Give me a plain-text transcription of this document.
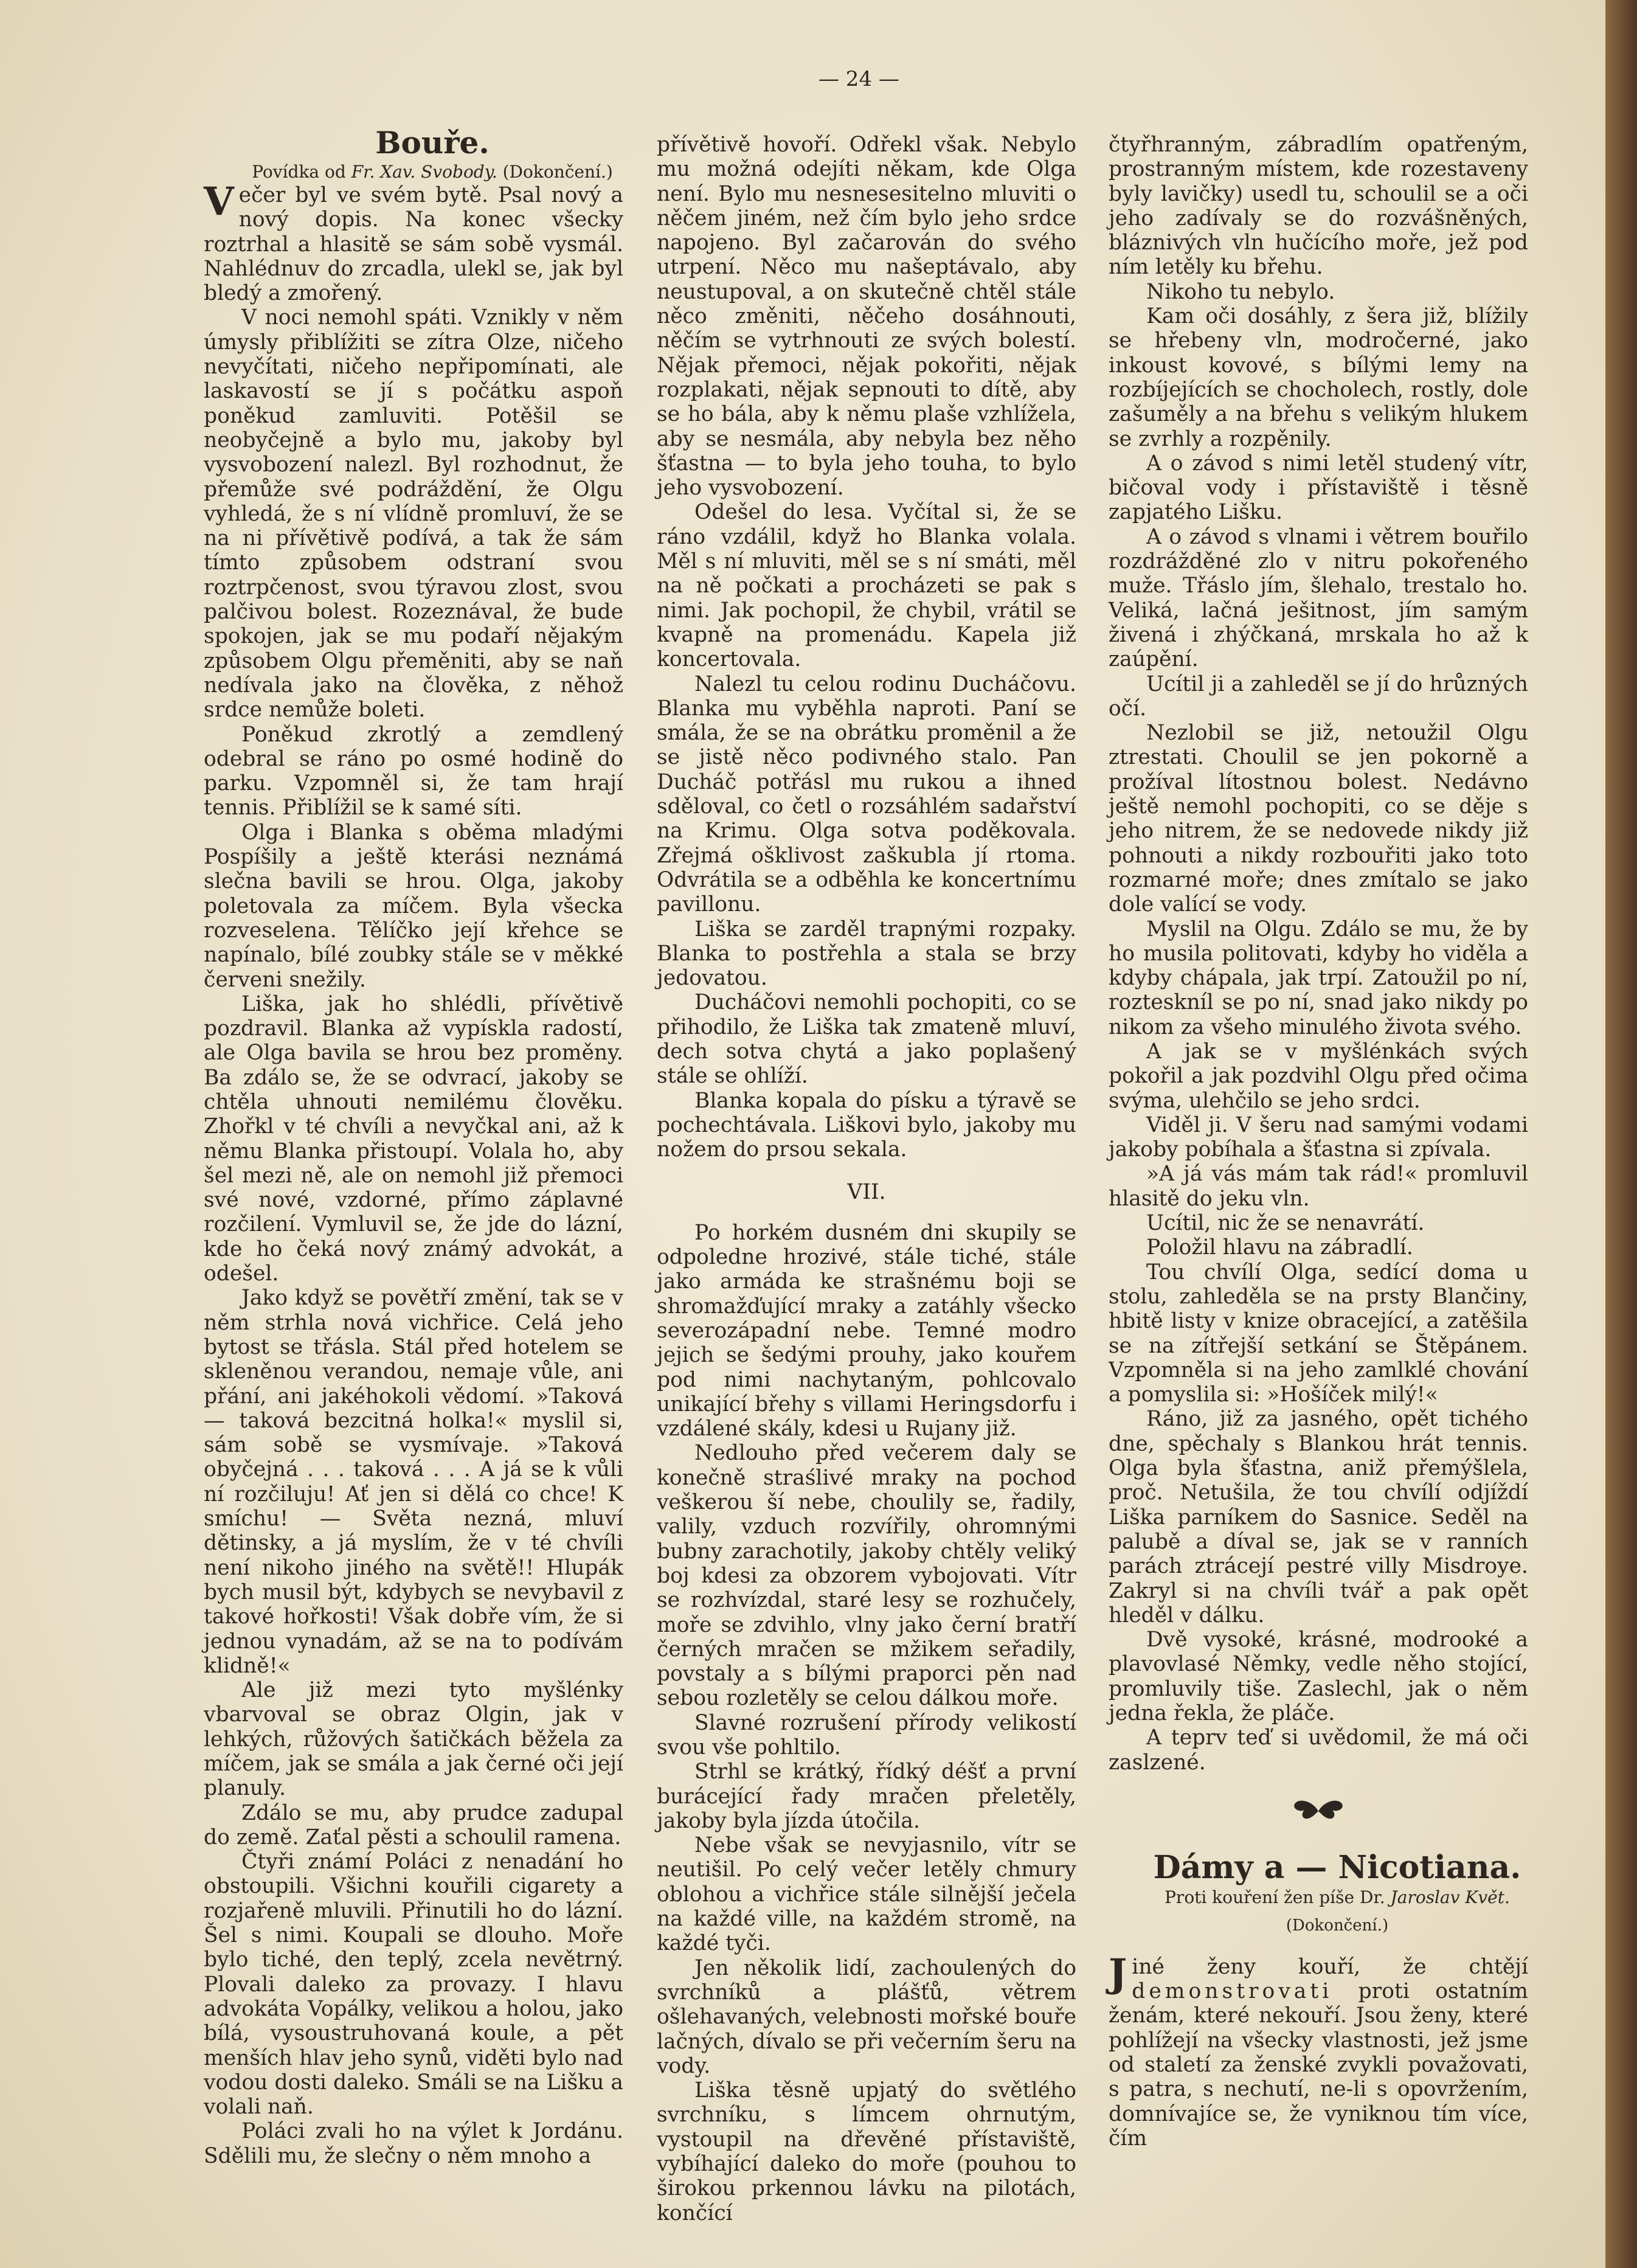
— 24 —

Bouře.

Povídka od Fr. Xav. Svobody. (Dokončení.)

Večer byl ve svém bytě. Psal nový a nový dopis. Na konec všecky roztrhal a hlasitě se sám sobě vysmál. Nahlédnuv do zrcadla, ulekl se, jak byl bledý a zmořený.

V noci nemohl spáti. Vznikly v něm úmysly přiblížiti se zítra Olze, ničeho nevyčítati, ničeho nepřipomínati, ale laskavostí se jí s počátku aspoň poněkud zamluviti. Potěšil se neobyčejně a bylo mu, jakoby byl vysvobození nalezl. Byl rozhodnut, že přemůže své podráždění, že Olgu vyhledá, že s ní vlídně promluví, že se na ni přívětivě podívá, a tak že sám tímto způsobem odstraní svou roztrpčenost, svou týravou zlost, svou palčivou bolest. Rozeznával, že bude spokojen, jak se mu podaří nějakým způsobem Olgu přeměniti, aby se naň nedívala jako na člověka, z něhož srdce nemůže boleti.

Poněkud zkrotlý a zemdlený odebral se ráno po osmé hodině do parku. Vzpomněl si, že tam hrají tennis. Přiblížil se k samé síti.

Olga i Blanka s oběma mladými Pospíšily a ještě kterási neznámá slečna bavili se hrou. Olga, jakoby poletovala za míčem. Byla všecka rozveselena. Tělíčko její křehce se napínalo, bílé zoubky stále se v měkké červeni snežily.

Liška, jak ho shlédli, přívětivě pozdravil. Blanka až vypískla radostí, ale Olga bavila se hrou bez proměny. Ba zdálo se, že se odvrací, jakoby se chtěla uhnouti nemilému člověku. Zhořkl v té chvíli a nevyčkal ani, až k němu Blanka přistoupí. Volala ho, aby šel mezi ně, ale on nemohl již přemoci své nové, vzdorné, přímo záplavné rozčilení. Vymluvil se, že jde do lázní, kde ho čeká nový známý advokát, a odešel.

Jako když se povětří změní, tak se v něm strhla nová vichřice. Celá jeho bytost se třásla. Stál před hotelem se skleněnou verandou, nemaje vůle, ani přání, ani jakéhokoli vědomí. »Taková — taková bezcitná holka!« myslil si, sám sobě se vysmívaje. »Taková obyčejná . . . taková . . . A já se k vůli ní rozčiluju! Ať jen si dělá co chce! K smíchu! — Světa nezná, mluví dětinsky, a já myslím, že v té chvíli není nikoho jiného na světě!! Hlupák bych musil být, kdybych se nevybavil z takové hořkosti! Však dobře vím, že si jednou vynadám, až se na to podívám klidně!«

Ale již mezi tyto myšlénky vbarvoval se obraz Olgin, jak v lehkých, růžových šatičkách běžela za míčem, jak se smála a jak černé oči její planuly.

Zdálo se mu, aby prudce zadupal do země. Zaťal pěsti a schoulil ramena.

Čtyři známí Poláci z nenadání ho obstoupili. Všichni kouřili cigarety a rozjařeně mluvili. Přinutili ho do lázní. Šel s nimi. Koupali se dlouho. Moře bylo tiché, den teplý, zcela nevětrný. Plovali daleko za provazy. I hlavu advokáta Vopálky, velikou a holou, jako bílá, vysoustruhovaná koule, a pět menších hlav jeho synů, viděti bylo nad vodou dosti daleko. Smáli se na Lišku a volali naň.

Poláci zvali ho na výlet k Jordánu. Sdělili mu, že slečny o něm mnoho a

přívětivě hovoří. Odřekl však. Nebylo mu možná odejíti někam, kde Olga není. Bylo mu nesnesesitelno mluviti o něčem jiném, než čím bylo jeho srdce napojeno. Byl začarován do svého utrpení. Něco mu našeptávalo, aby neustupoval, a on skutečně chtěl stále něco změniti, něčeho dosáhnouti, něčím se vytrhnouti ze svých bolestí. Nějak přemoci, nějak pokořiti, nějak rozplakati, nějak sepnouti to dítě, aby se ho bála, aby k němu plaše vzhlížela, aby se nesmála, aby nebyla bez něho šťastna — to byla jeho touha, to bylo jeho vysvobození.

Odešel do lesa. Vyčítal si, že se ráno vzdálil, když ho Blanka volala. Měl s ní mluviti, měl se s ní smáti, měl na ně počkati a procházeti se pak s nimi. Jak pochopil, že chybil, vrátil se kvapně na promenádu. Kapela již koncertovala.

Nalezl tu celou rodinu Ducháčovu. Blanka mu vyběhla naproti. Paní se smála, že se na obrátku proměnil a že se jistě něco podivného stalo. Pan Ducháč potřásl mu rukou a ihned sděloval, co četl o rozsáhlém sadařství na Krimu. Olga sotva poděkovala. Zřejmá ošklivost zaškubla jí rtoma. Odvrátila se a odběhla ke koncertnímu pavillonu.

Liška se zarděl trapnými rozpaky. Blanka to postřehla a stala se brzy jedovatou.

Ducháčovi nemohli pochopiti, co se přihodilo, že Liška tak zmateně mluví, dech sotva chytá a jako poplašený stále se ohlíží.

Blanka kopala do písku a týravě se pochechtávala. Liškovi bylo, jakoby mu nožem do prsou sekala.

VII.

Po horkém dusném dni skupily se odpoledne hrozivé, stále tiché, stále jako armáda ke strašnému boji se shromažďující mraky a zatáhly všecko severozápadní nebe. Temné modro jejich se šedými prouhy, jako kouřem pod nimi nachytaným, pohlcovalo unikající břehy s villami Heringsdorfu i vzdálené skály, kdesi u Rujany již.

Nedlouho před večerem daly se konečně straślivé mraky na pochod veškerou ší nebe, choulily se, řadily, valily, vzduch rozvířily, ohromnými bubny zarachotily, jakoby chtěly veliký boj kdesi za obzorem vybojovati. Vítr se rozhvízdal, staré lesy se rozhučely, moře se zdvihlo, vlny jako černí bratří černých mračen se mžikem seřadily, povstaly a s bílými praporci pěn nad sebou rozletěly se celou dálkou moře.

Slavné rozrušení přírody velikostí svou vše pohltilo.

Strhl se krátký, řídký déšť a první burácející řady mračen přeletěly, jakoby byla jízda útočila.

Nebe však se nevyjasnilo, vítr se neutišil. Po celý večer letěly chmury oblohou a vichřice stále silnější ječela na každé ville, na každém stromě, na každé tyči.

Jen několik lidí, zachoulených do svrchníků a plášťů, větrem ošlehavaných, velebnosti mořské bouře lačných, dívalo se při večerním šeru na vody.

Liška těsně upjatý do světlého svrchníku, s límcem ohrnutým, vystoupil na dřevěné přístaviště, vybíhající daleko do moře (pouhou to širokou prkennou lávku na pilotách, končící

čtyřhranným, zábradlím opatřeným, prostranným místem, kde rozestaveny byly lavičky) usedl tu, schoulil se a oči jeho zadívaly se do rozvášněných, bláznivých vln hučícího moře, jež pod ním letěly ku břehu.

Nikoho tu nebylo.

Kam oči dosáhly, z šera již, blížily se hřebeny vln, modročerné, jako inkoust kovové, s bílými lemy na rozbíjejících se chocholech, rostly, dole zašuměly a na břehu s velikým hlukem se zvrhly a rozpěnily.

A o závod s nimi letěl studený vítr, bičoval vody i přístaviště i těsně zapjatého Lišku.

A o závod s vlnami i větrem bouřilo rozdrážděné zlo v nitru pokořeného muže. Třáslo jím, šlehalo, trestalo ho. Veliká, lačná ješitnost, jím samým živená i zhýčkaná, mrskala ho až k zaúpění.

Ucítil ji a zahleděl se jí do hrůzných očí.

Nezlobil se již, netoužil Olgu ztrestati. Choulil se jen pokorně a prožíval lítostnou bolest. Nedávno ještě nemohl pochopiti, co se děje s jeho nitrem, že se nedovede nikdy již pohnouti a nikdy rozbouřiti jako toto rozmarné moře; dnes zmítalo se jako dole valící se vody.

Myslil na Olgu. Zdálo se mu, že by ho musila politovati, kdyby ho viděla a kdyby chápala, jak trpí. Zatoužil po ní, rozteskníl se po ní, snad jako nikdy po nikom za všeho minulého života svého.

A jak se v myšlénkách svých pokořil a jak pozdvihl Olgu před očima svýma, ulehčilo se jeho srdci.

Viděl ji. V šeru nad samými vodami jakoby pobíhala a šťastna si zpívala.

»A já vás mám tak rád!« promluvil hlasitě do jeku vln.

Ucítil, nic že se nenavrátí.

Položil hlavu na zábradlí.

Tou chvílí Olga, sedící doma u stolu, zahleděla se na prsty Blančiny, hbitě listy v knize obracející, a zatěšila se na zítřejší setkání se Štěpánem. Vzpomněla si na jeho zamlklé chování a pomyslila si: »Hošíček milý!«

Ráno, již za jasného, opět tichého dne, spěchaly s Blankou hrát tennis. Olga byla šťastna, aniž přemýšlela, proč. Netušila, že tou chvílí odjíždí Liška parníkem do Sasnice. Seděl na palubě a díval se, jak se v ranních parách ztrácejí pestré villy Misdroye. Zakryl si na chvíli tvář a pak opět hleděl v dálku.

Dvě vysoké, krásné, modrooké a plavovlasé Němky, vedle něho stojící, promluvily tiše. Zaslechl, jak o něm jedna řekla, že pláče.

A teprv teď si uvědomil, že má oči zaslzené.

Dámy a — Nicotiana.

Proti kouření žen píše Dr. Jaroslav Květ.

(Dokončení.)

Jiné ženy kouří, že chtějí demonstrovati proti ostatním ženám, které nekouří. Jsou ženy, které pohlížejí na všecky vlastnosti, jež jsme od staletí za ženské zvykli považovati, s patra, s nechutí, ne-li s opovržením, domnívajíce se, že vyniknou tím více, čím
